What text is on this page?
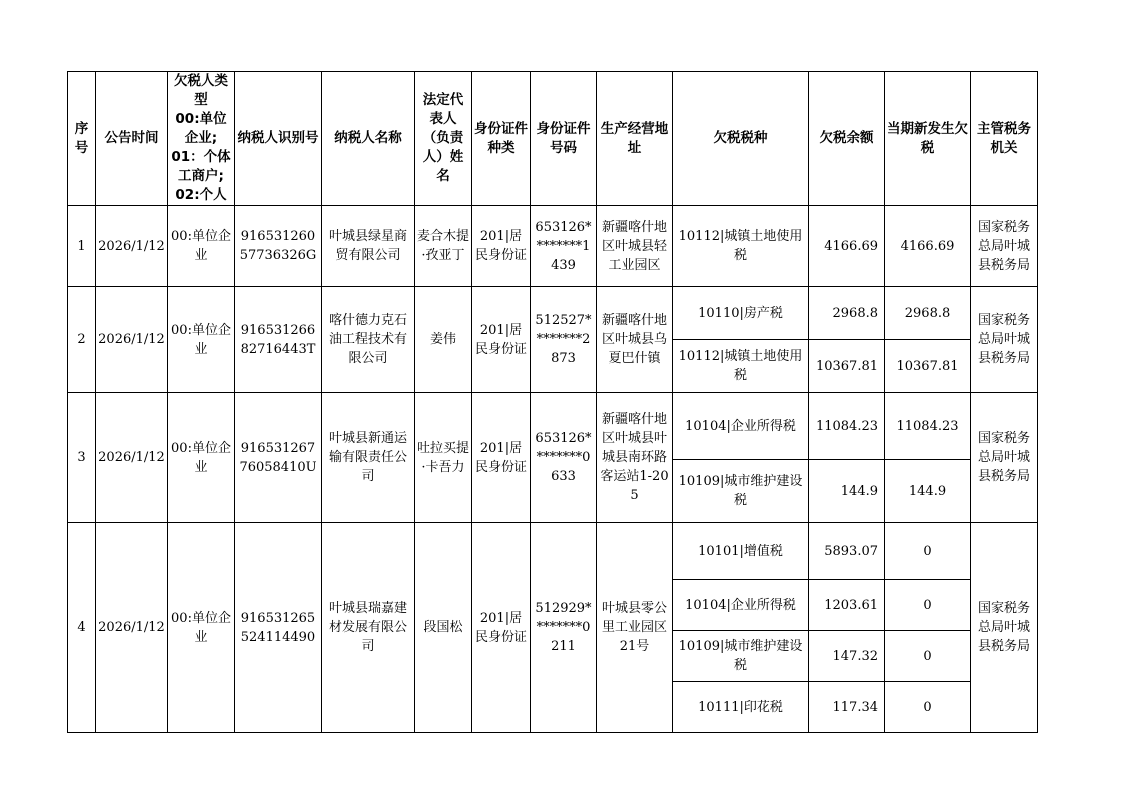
序号	公告时间	欠税人类型
00:单位企业;
01：个体工商户;
02:个人	纳税人识别号	纳税人名称	法定代表人（负责人）姓名	身份证件种类	身份证件号码	生产经营地址	欠税税种	欠税余额	当期新发生欠税	主管税务机关
1	2026/1/12	00:单位企业	91653126057736326G	叶城县绿星商贸有限公司	麦合木提·孜亚丁	201|居民身份证	653126********1439	新疆喀什地区叶城县轻工业园区	10112|城镇土地使用税	4166.69	4166.69	国家税务总局叶城县税务局
2	2026/1/12	00:单位企业	91653126682716443T	喀什德力克石油工程技术有限公司	姜伟	201|居民身份证	512527********2873	新疆喀什地区叶城县乌夏巴什镇	10110|房产税	2968.8	2968.8	国家税务总局叶城县税务局
									10112|城镇土地使用税	10367.81	10367.81	
3	2026/1/12	00:单位企业	91653126776058410U	叶城县新通运输有限责任公司	吐拉买提·卡吾力	201|居民身份证	653126********0633	新疆喀什地区叶城县叶城县南环路客运站1-205	10104|企业所得税	11084.23	11084.23	国家税务总局叶城县税务局
									10109|城市维护建设税	144.9	144.9	
4	2026/1/12	00:单位企业	916531265524114490	叶城县瑞嘉建材发展有限公司	段国松	201|居民身份证	512929********0211	叶城县零公里工业园区21号	10101|增值税	5893.07	0	国家税务总局叶城县税务局
									10104|企业所得税	1203.61	0	
									10109|城市维护建设税	147.32	0	
									10111|印花税	117.34	0	
